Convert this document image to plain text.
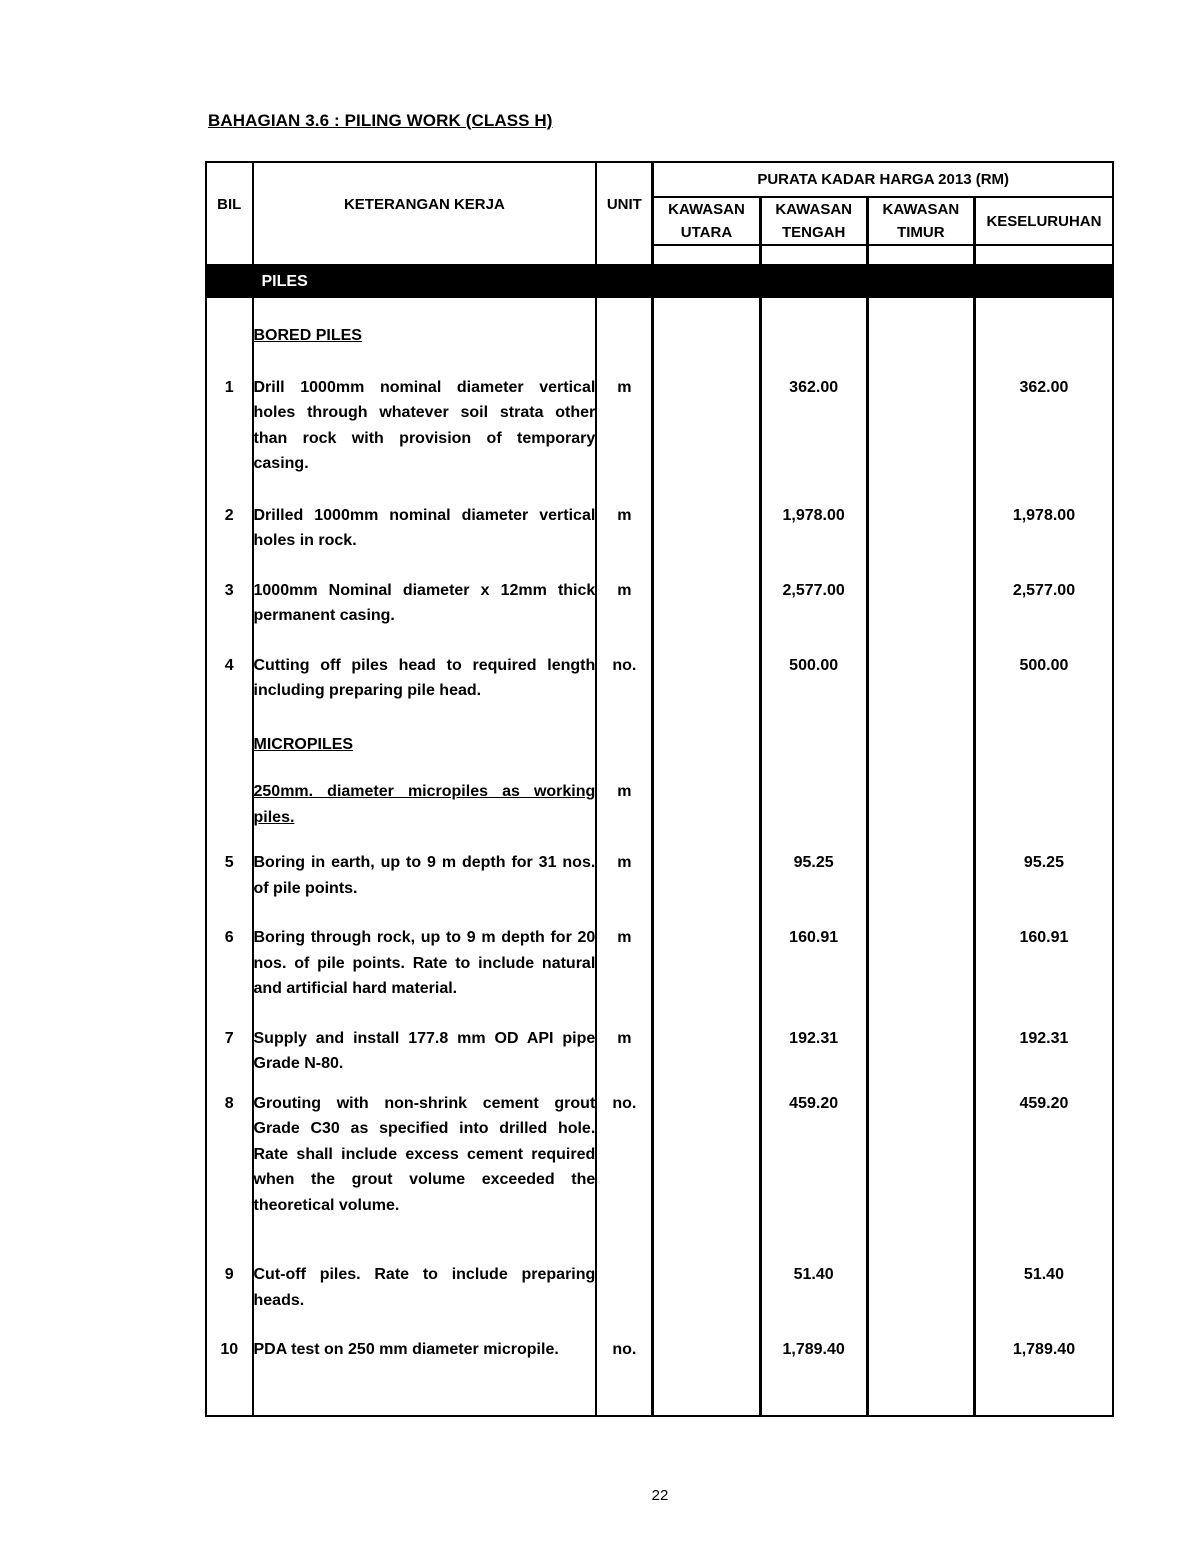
BAHAGIAN 3.6 : PILING WORK (CLASS H)
BIL	KETERANGAN KERJA	UNIT	PURATA KADAR HARGA 2013 (RM)			
			KAWASAN UTARA	KAWASAN TENGAH	KAWASAN TIMUR	KESELURUHAN

	PILES					
	BORED PILES					
1	Drill 1000mm nominal diameter vertical holes through whatever soil strata other than rock with provision of temporary casing.	m		362.00		362.00
2	Drilled 1000mm nominal diameter vertical holes in rock.	m		1,978.00		1,978.00
3	1000mm Nominal diameter x 12mm thick permanent casing.	m		2,577.00		2,577.00
4	Cutting off piles head to required length including preparing pile head.	no.		500.00		500.00
	MICROPILES					
	250mm. diameter micropiles as working piles.	m				
5	Boring in earth, up to 9 m depth for 31 nos. of pile points.	m		95.25		95.25
6	Boring through rock, up to 9 m depth for 20 nos. of pile points. Rate to include natural and artificial hard material.	m		160.91		160.91
7	Supply and install 177.8 mm OD API pipe Grade N-80.	m		192.31		192.31
8	Grouting with non-shrink cement grout Grade C30 as specified into drilled hole. Rate shall include excess cement required when the grout volume exceeded the theoretical volume.	no.		459.20		459.20
9	Cut-off piles. Rate to include preparing heads.			51.40		51.40
10	PDA test on 250 mm diameter micropile.	no.		1,789.40		1,789.40

22
